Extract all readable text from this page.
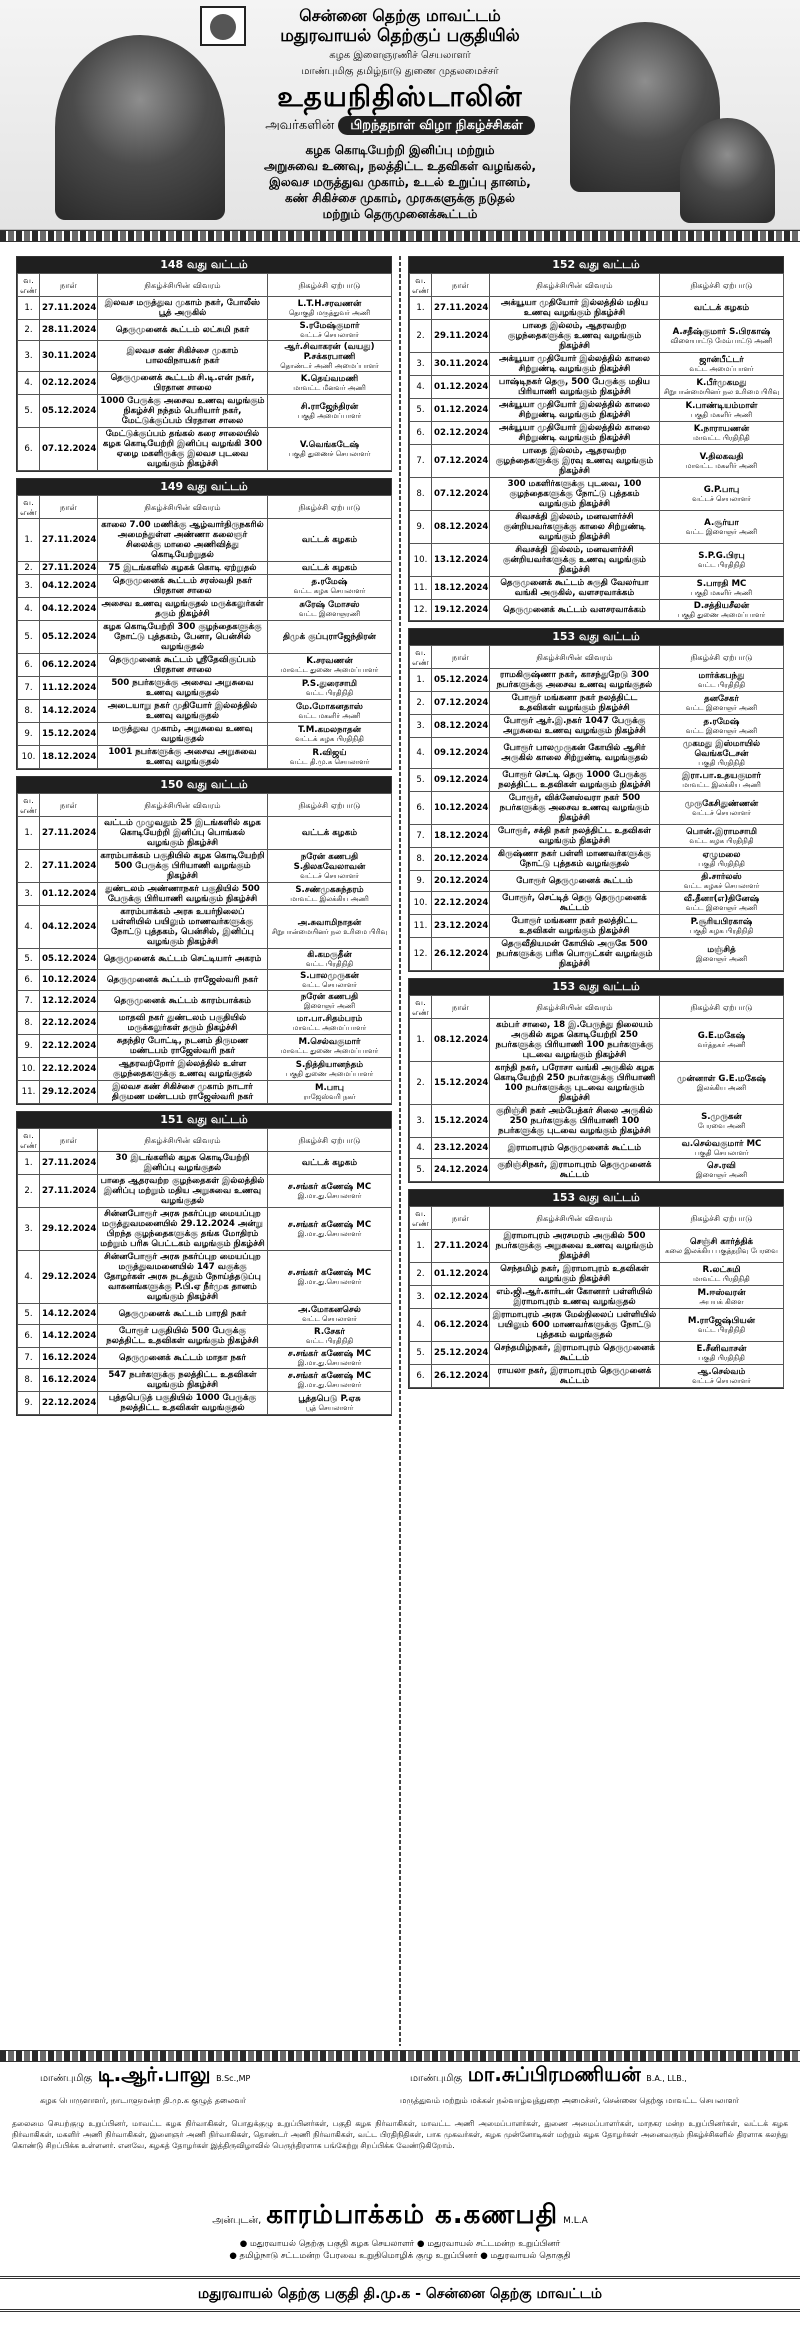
சென்னை தெற்கு மாவட்டம்
மதுரவாயல் தெற்குப் பகுதியில்
கழக இளைஞரணிச் செயலாளர்
மாண்புமிகு தமிழ்நாடு துணை முதலமைச்சர்
உதயநிதிஸ்டாலின்
அவர்களின் பிறந்தநாள் விழா நிகழ்ச்சிகள்
கழக கொடியேற்றி இனிப்பு மற்றும்
அறுசுவை உணவு, நலத்திட்ட உதவிகள் வழங்கல்,
இலவச மருத்துவ முகாம், உடல் உறுப்பு தானம்,
கண் சிகிச்சை முகாம், முரசுகளுக்கு நடுதல்
மற்றும் தெருமுனைக்கூட்டம்
148 வது வட்டம்
வ. எண்	நாள்	நிகழ்ச்சியின் விவரம்	நிகழ்ச்சி ஏற்பாடு
1.	27.11.2024	இலவச மருத்துவ முகாம் நகர், போலீஸ் பூத் அருகில்	L.T.H.சரவணன்
தொகுதி மருத்துவர் அணி

2.	28.11.2024	தெருமுனைக் கூட்டம் லட்சுமி நகர்	S.ரமேஷ்குமார்
வட்டச் செயலாளர்

3.	30.11.2024	இலவச கண் சிகிச்சை முகாம் பாலவிநாயகர் நகர்	ஆர்.சிவாகரன் (வயது) P.சக்கரபாணி
தொண்டர் அணி அமைப்பாளர்

4.	02.12.2024	தெருமுனைக் கூட்டம் சி.டி.என் நகர், பிரதான சாலை	K.தெய்வமணி
மாவட்ட மீனவர் அணி

5.	05.12.2024	1000 பேருக்கு அசைவ உணவு வழங்கும் நிகழ்ச்சி நந்தம் பெரியார் நகர், மேட்டுக்குப்பம் பிரதான சாலை	சி.ராஜேந்திரன்
பகுதி அமைப்பாளர்

6.	07.12.2024	மேட்டுக்குப்பம் தங்கல் கரை சாலையில் கழக கொடியேற்றி இனிப்பு வழங்கி 300 ஏழை மகளிருக்கு இலவச புடவை வழங்கும் நிகழ்ச்சி	V.வெங்கடேஷ்
பகுதி துணைச் செயலாளர்
149 வது வட்டம்
வ. எண்	நாள்	நிகழ்ச்சியின் விவரம்	நிகழ்ச்சி ஏற்பாடு
1.	27.11.2024	காலை 7.00 மணிக்கு ஆழ்வார்திருநகரில் அமைந்துள்ள அண்ணா கலைஞர் சிலைக்கு மாலை அணிவித்து கொடியேற்றுதல்	வட்டக் கழகம்
2.	27.11.2024	75 இடங்களில் கழகக் கொடி ஏற்றுதல்	வட்டக் கழகம்
3.	04.12.2024	தெருமுனைக் கூட்டம் சரஸ்வதி நகர் பிரதான சாலை	த.ரமேஷ்
வட்ட கழக செயலாளர்

4.	04.12.2024	அசைவ உணவு வழங்குதல் மருக்கலுர்கள் தரும் நிகழ்ச்சி	சுரேஷ் மோசஸ்
வட்ட இளைஞரணி

5.	05.12.2024	கழக கொடியேற்றி 300 குழந்தைகளுக்கு நோட்டு புத்தகம், பேனா, பென்சில் வழங்குதல்	திமுக் குப்புராஜேந்திரன்
6.	06.12.2024	தெருமுனைக் கூட்டம் ஸ்ரீதேவிகுப்பம் பிரதான சாலை	K.சரவணன்
மாவட்ட துணை அமைப்பாளர்

7.	11.12.2024	500 நபர்களுக்கு அசைவ அறுசுவை உணவு வழங்குதல்	P.S.துரைசாமி
வட்ட பிரதிநிதி

8.	14.12.2024	அடையாறு நகர் முதியோர் இல்லத்தில் உணவு வழங்குதல்	மே.மோகனதாஸ்
வட்ட மகளிர் அணி

9.	15.12.2024	மருத்துவ முகாம், அறுசுவை உணவு வழங்குதல்	T.M.கமலநாதன்
வட்டக் கழக பிரதிநிதி

10.	18.12.2024	1001 நபர்களுக்கு அசைவ அறுசுவை உணவு வழங்குதல்	R.விஜய்
வட்ட தி.மு.க செயலாளர்
150 வது வட்டம்
வ. எண்	நாள்	நிகழ்ச்சியின் விவரம்	நிகழ்ச்சி ஏற்பாடு
1.	27.11.2024	வட்டம் முழுவதும் 25 இடங்களில் கழக கொடியேற்றி இனிப்பு பொங்கல் வழங்கும் நிகழ்ச்சி	வட்டக் கழகம்
2.	27.11.2024	காரம்பாக்கம் பகுதியில் கழக கொடியேற்றி 500 பேருக்கு பிரியாணி வழங்கும் நிகழ்ச்சி	நரேன் கணபதி S.திலகவேலாவன்
வட்டச் செயலாளர்

3.	01.12.2024	துண்டலம் அண்ணாநகர் பகுதியில் 500 பேருக்கு பிரியாணி வழங்கும் நிகழ்ச்சி	S.சண்முகசுந்தரம்
மாவட்ட இலக்கிய அணி

4.	04.12.2024	காரம்பாக்கம் அரசு உயர்நிலைப் பள்ளியில் பயிலும் மாணவர்களுக்கு நோட்டு புத்தகம், பென்சில், இனிப்பு வழங்கும் நிகழ்ச்சி	அ.சுவாமிநாதன்
சிறுபான்மையினர் நல உரிமை பிரிவு

5.	05.12.2024	தெருமுனைக் கூட்டம் செட்டியார் அகரம்	கி.கமருதீன்
வட்ட பிரதிநிதி

6.	10.12.2024	தெருமுனைக் கூட்டம் ராஜேஸ்வரி நகர்	S.பாலமுருகன்
வட்ட செயலாளர்

7.	12.12.2024	தெருமுனைக் கூட்டம் காரம்பாக்கம்	நரேன் கணபதி
இளைஞர் அணி

8.	22.12.2024	மாதவி நகர் துண்டலம் பகுதியில் மருக்கலுர்கள் தரும் நிகழ்ச்சி	மா.பா.சிதம்பரம்
மாவட்ட அமைப்பாளர்

9.	22.12.2024	சுதந்திர போட்டி, நடனம் திருமண மண்டபம் ராஜேஸ்வரி நகர்	M.செல்வகுமார்
மாவட்ட துணை அமைப்பாளர்

10.	22.12.2024	ஆதரவற்றோர் இல்லத்தில் உள்ள குழந்தைகளுக்கு உணவு வழங்குதல்	S.நித்தியானந்தம்
பகுதி துணை அமைப்பாளர்

11.	29.12.2024	இலவச கண் சிகிச்சை முகாம் நாடார் திருமண மண்டபம் ராஜேஸ்வரி நகர்	M.பாபு
ராஜேஸ்வரி நகர்
151 வது வட்டம்
வ. எண்	நாள்	நிகழ்ச்சியின் விவரம்	நிகழ்ச்சி ஏற்பாடு
1.	27.11.2024	30 இடங்களில் கழக கொடியேற்றி இனிப்பு வழங்குதல்	வட்டக் கழகம்
2.	27.11.2024	பாதை ஆதரவற்ற குழந்தைகள் இல்லத்தில் இனிப்பு மற்றும் மதிய அறுசுவை உணவு வழங்குதல்	ச.சங்கர் கணேஷ் MC
இ.மா.து.செயலாளர்

3.	29.12.2024	சின்னபோரூர் அரசு நகர்ப்புற மையப்புற மருத்துவமனையில் 29.12.2024 அன்று பிறந்த குழந்தைகளுக்கு தங்க மோதிரம் மற்றும் பரிசு பெட்டகம் வழங்கும் நிகழ்ச்சி	ச.சங்கர் கணேஷ் MC
இ.மா.து.செயலாளர்

4.	29.12.2024	சின்னபோரூர் அரசு நகர்ப்புற மையப்புற மருத்துவமனையில் 147 வகுக்கு தோழர்கள் அரசு நடத்தும் நோய்த்தடுப்பு வாகனங்களுக்கு P.பி.ஏ நீர்முக தானம் வழங்கும் நிகழ்ச்சி	ச.சங்கர் கணேஷ் MC
இ.மா.து.செயலாளர்

5.	14.12.2024	தெருமுனைக் கூட்டம் பாரதி நகர்	அ.மோகனசெல்
வட்ட செயலாளர்

6.	14.12.2024	போரூர் பகுதியில் 500 பேருக்கு நலத்திட்ட உதவிகள் வழங்கும் நிகழ்ச்சி	R.சேகர்
வட்ட பிரதிநிதி

7.	16.12.2024	தெருமுனைக் கூட்டம் மாதா நகர்	ச.சங்கர் கணேஷ் MC
இ.மா.து.செயலாளர்

8.	16.12.2024	547 நபர்களுக்கு நலத்திட்ட உதவிகள் வழங்கும் நிகழ்ச்சி	ச.சங்கர் கணேஷ் MC
இ.மா.து.செயலாளர்

9.	22.12.2024	புத்தபெடுத் பகுதியில் 1000 பேருக்கு நலத்திட்ட உதவிகள் வழங்குதல்	பூத்தபெடு P.ஏசு
பூத் செயலாளர்
152 வது வட்டம்
வ. எண்	நாள்	நிகழ்ச்சியின் விவரம்	நிகழ்ச்சி ஏற்பாடு
1.	27.11.2024	அக்யூயா முதியோர் இல்லத்தில் மதிய உணவு வழங்கும் நிகழ்ச்சி	வட்டக் கழகம்
2.	29.11.2024	பாதை இல்லம், ஆதரவற்ற குழந்தைகளுக்கு உணவு வழங்கும் நிகழ்ச்சி	A.சதீஷ்குமார் S.பிரகாஷ்
விளையாட்டு மேம்பாட்டு அணி

3.	30.11.2024	அக்யூயா முதியோர் இல்லத்தில் காலை சிற்றுண்டி வழங்கும் நிகழ்ச்சி	ஜான்பீட்டர்
வட்ட அமைப்பாளர்

4.	01.12.2024	பாஷ்டிநகர் தெரு, 500 பேருக்கு மதிய பிரியாணி வழங்கும் நிகழ்ச்சி	K.பீர்முகமது
சிறுபான்மையினர் நல உரிமை பிரிவு

5.	01.12.2024	அக்யூயா முதியோர் இல்லத்தில் காலை சிற்றுண்டி வழங்கும் நிகழ்ச்சி	K.பாண்டியம்மாள்
பகுதி மகளிர் அணி

6.	02.12.2024	அக்யூயா முதியோர் இல்லத்தில் காலை சிற்றுண்டி வழங்கும் நிகழ்ச்சி	K.நாராயணன்
மாவட்ட பிரதிநிதி

7.	07.12.2024	பாதை இல்லம், ஆதரவற்ற குழந்தைகளுக்கு இரவு உணவு வழங்கும் நிகழ்ச்சி	V.திலகவதி
மாவட்ட மகளிர் அணி

8.	07.12.2024	300 மகளிர்களுக்கு புடவை, 100 குழந்தைகளுக்கு நோட்டு புத்தகம் வழங்கும் நிகழ்ச்சி	G.P.பாபு
வட்டச் செயலாளர்

9.	08.12.2024	சிவசக்தி இல்லம், மனவளர்ச்சி குன்றியவர்களுக்கு காலை சிற்றுண்டி வழங்கும் நிகழ்ச்சி	A.சூர்யா
வட்ட இளைஞர் அணி

10.	13.12.2024	சிவசக்தி இல்லம், மனவளர்ச்சி குன்றியவர்களுக்கு உணவு வழங்கும் நிகழ்ச்சி	S.P.G.பிரபு
வட்ட பிரதிநிதி

11.	18.12.2024	தெருமுனைக் கூட்டம் சுருதி வேலர்யா வங்கி அருகில், வளசரவாக்கம்	S.பாரதி MC
பகுதி மகளிர் அணி

12.	19.12.2024	தெருமுனைக் கூட்டம் வளசரவாக்கம்	D.சத்தியசீலன்
பகுதி துணை அமைப்பாளர்
153 வது வட்டம்
வ. எண்	நாள்	நிகழ்ச்சியின் விவரம்	நிகழ்ச்சி ஏற்பாடு
1.	05.12.2024	ராமகிருஷ்ணா நகர், காசந்துறேடு 300 நபர்களுக்கு அசைவ உணவு வழங்குதல்	மார்க்கபந்து
வட்ட பிரதிநிதி

2.	07.12.2024	போரூர் மங்கனா நகர் நலத்திட்ட உதவிகள் வழங்கும் நிகழ்ச்சி	தனசேகர்
வட்ட இளைஞர் அணி

3.	08.12.2024	போரூர் ஆர்.இ.நகர் 1047 பேருக்கு அறுசுவை உணவு வழங்கும் நிகழ்ச்சி	த.ரமேஷ்
வட்ட இளைஞர் அணி

4.	09.12.2024	போரூர் பாலமுருகன் கோயில் ஆசிர் அருகில் காலை சிற்றுண்டி வழங்குதல்	முகமது இஸ்மாயில் வெங்கடேசன்
பகுதி பிரதிநிதி

5.	09.12.2024	போரூர் செட்டி தெரு 1000 பேருக்கு நலத்திட்ட உதவிகள் வழங்கும் நிகழ்ச்சி	இரா.பா.உதயகுமார்
மாவட்ட இலக்கிய அணி

6.	10.12.2024	போரூர், விக்னேஸ்வரா நகர் 500 நபர்களுக்கு அசைவ உணவு வழங்கும் நிகழ்ச்சி	முருகேசிதுண்ணன்
வட்டச் செயலாளர்

7.	18.12.2024	போரூர், சக்தி நகர் நலத்திட்ட உதவிகள் வழங்கும் நிகழ்ச்சி	பொன்.இராமசாமி
வட்ட கழக பிரதிநிதி

8.	20.12.2024	கிருஷ்ணா நகர் பள்ளி மாணவர்களுக்கு நோட்டு புத்தகம் வழங்குதல்	ஏழுமலை
பகுதி பிரதிநிதி

9.	20.12.2024	போரூர் தெருமுனைக் கூட்டம்	தி.சார்லஸ்
வட்ட கழகச் செயலாளர்

10.	22.12.2024	போரூர், செட்டித் தெரு தெருமுனைக் கூட்டம்	வீ.தீனா(எ)தினேஷ்
வட்ட இளைஞர் அணி

11.	23.12.2024	போரூர் மங்கனா நகர் நலத்திட்ட உதவிகள் வழங்கும் நிகழ்ச்சி	P.சூரியபிரகாஷ்
பகுதி கழக பிரதிநிதி

12.	26.12.2024	தெருவீதியமன் கோயில் அருகே 500 நபர்களுக்கு பரிசு பொருட்கள் வழங்கும் நிகழ்ச்சி	மஞ்சித்
இளைஞர் அணி
153 வது வட்டம்
வ. எண்	நாள்	நிகழ்ச்சியின் விவரம்	நிகழ்ச்சி ஏற்பாடு
1.	08.12.2024	கம்பர் சாலை, 18 இ.பேருந்து நிலையம் அருகில் கழக கொடியேற்றி 250 நபர்களுக்கு பிரியாணி 100 நபர்களுக்கு புடவை வழங்கும் நிகழ்ச்சி	G.E.மகேஷ்
வர்த்தகர் அணி

2.	15.12.2024	காந்தி நகர், பரோசா வங்கி அருகில் கழக கொடியேற்றி 250 நபர்களுக்கு பிரியாணி 100 நபர்களுக்கு புடவை வழங்கும் நிகழ்ச்சி	முன்னாள் G.E.மகேஷ்
இலக்கிய அணி

3.	15.12.2024	குறிஞ்சி நகர் அம்பேத்கர் சிலை அருகில் 250 நபர்களுக்கு பிரியாணி 100 நபர்களுக்கு புடவை வழங்கும் நிகழ்ச்சி	S.முருகன்
பேரவை அணி

4.	23.12.2024	இராமாபுரம் தெருமுனைக் கூட்டம்	வ.செல்வகுமார் MC
பகுதி செயலாளர்

5.	24.12.2024	குறிஞ்சிநகர், இராமாபுரம் தெருமுனைக் கூட்டம்	செ.ரவி
இளைஞர் அணி
153 வது வட்டம்
வ. எண்	நாள்	நிகழ்ச்சியின் விவரம்	நிகழ்ச்சி ஏற்பாடு
1.	27.11.2024	இராமாபுரம் அரசமரம் அருகில் 500 நபர்களுக்கு அறுசுவை உணவு வழங்கும் நிகழ்ச்சி	செஞ்சி கார்த்திக்
கலை இலக்கிய பகுத்தறிவு பேரவை

2.	01.12.2024	செந்தமிழ் நகர், இராமாபுரம் உதவிகள் வழங்கும் நிகழ்ச்சி	R.லட்சுமி
மாவட்ட பிரதிநிதி

3.	02.12.2024	எம்.ஜி.ஆர்.கார்டன் கோனார் பள்ளியில் இராமாபுரம் உணவு வழங்குதல்	M.ஈஸ்வரன்
அபயக் கிளை

4.	06.12.2024	இராமாபுரம் அரசு மேல்நிலைப் பள்ளியில் பயிலும் 600 மாணவர்களுக்கு நோட்டு புத்தகம் வழங்குதல்	M.ராஜேஷ்பியன்
வட்ட பிரதிநிதி

5.	25.12.2024	செந்தமிழ்நகர், இராமாபுரம் தெருமுனைக் கூட்டம்	E.சீனிவாசன்
பகுதி பிரதிநிதி

6.	26.12.2024	ராயலா நகர், இராமாபுரம் தெருமுனைக் கூட்டம்	ஆ.செல்வம்
வட்டச் செயலாளர்
மாண்புமிகு டி.ஆர்.பாலு B.Sc.,MP	மாண்புமிகு மா.சுப்பிரமணியன் B.A., LLB.,
கழக பொருளாளர், நாடாளுமன்ற தி.மு.க குழுத் தலைவர்	மருத்துவம் மற்றும் மக்கள் நல்வாழ்வுத்துறை அமைச்சர், சென்னை தெற்கு மாவட்ட செயலாளர்
தலைமை செயற்குழு உறுப்பினர், மாவட்ட கழக நிர்வாகிகள், பொதுக்குழு உறுப்பினர்கள், பகுதி கழக நிர்வாகிகள், மாவட்ட அணி அமைப்பாளர்கள், துணை அமைப்பாளர்கள், மாநகர மன்ற உறுப்பினர்கள், வட்டக் கழக நிர்வாகிகள், மகளிர் அணி நிர்வாகிகள், இளைஞர் அணி நிர்வாகிகள், தொண்டர் அணி நிர்வாகிகள், வட்ட பிரதிநிதிகள், பாக முகவர்கள், கழக முன்னோடிகள் மற்றும் கழக தோழர்கள் அனைவரும் நிகழ்ச்சிகளில் திரளாக கலந்து கொண்டு சிறப்பிக்க உள்ளனர். எனவே, கழகத் தோழர்கள் இத்திருவிழாவில் பெருந்திரளாக பங்கேற்று சிறப்பிக்க வேண்டுகிறோம்.
அன்புடன், காரம்பாக்கம் க.கணபதி M.L.A
● மதுரவாயல் தெற்கு பகுதி கழக செயலாளர் ● மதுரவாயல் சட்டமன்ற உறுப்பினர்
● தமிழ்நாடு சட்டமன்ற பேரவை உறுதிமொழிக் குழு உறுப்பினர் ● மதுரவாயல் தொகுதி
மதுரவாயல் தெற்கு பகுதி தி.மு.க - சென்னை தெற்கு மாவட்டம்
